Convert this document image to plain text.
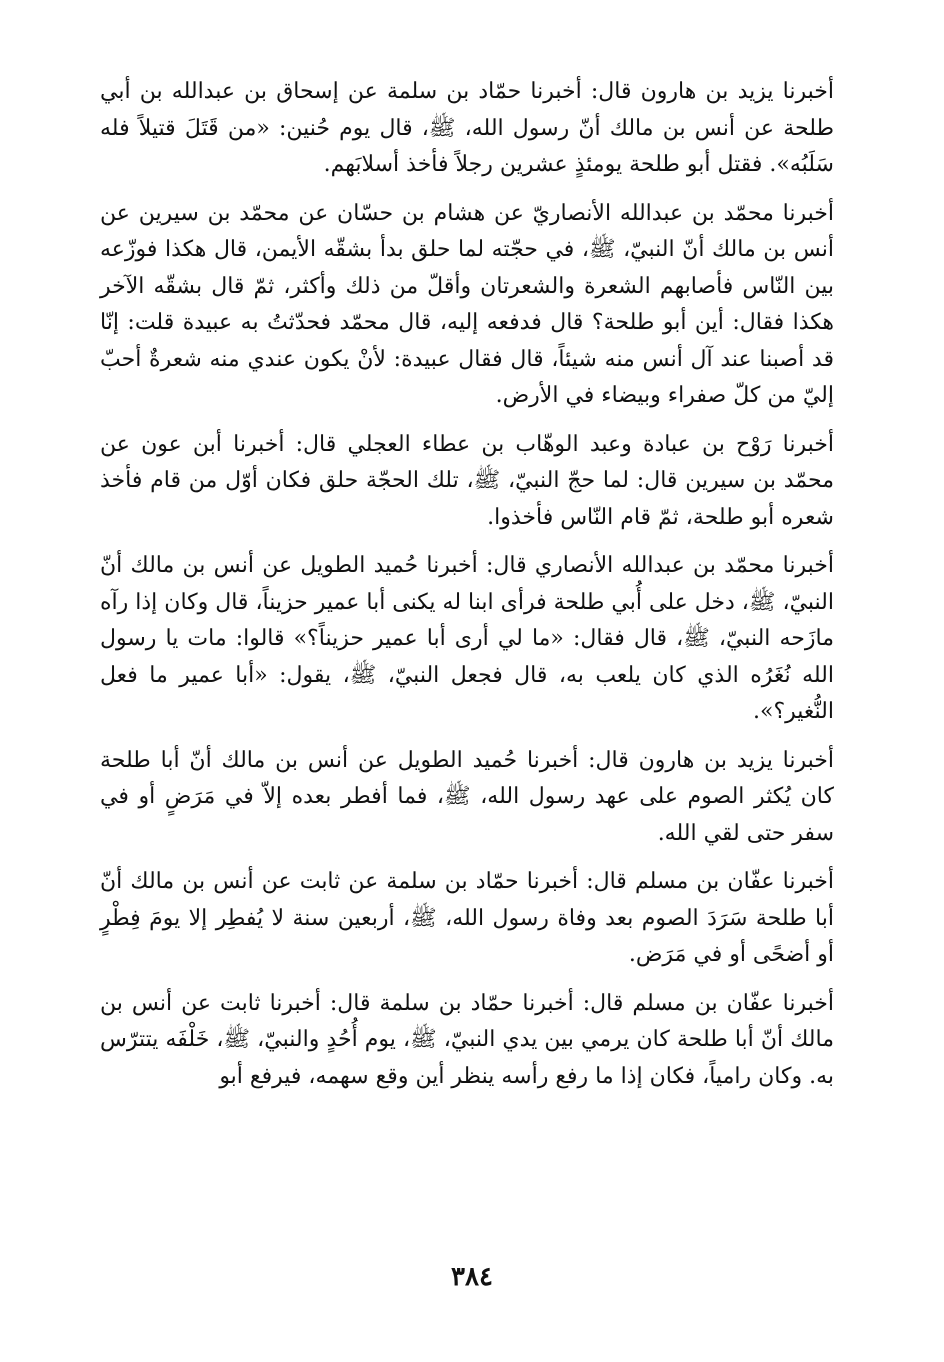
أخبرنا يزيد بن هارون قال: أخبرنا حمّاد بن سلمة عن إسحاق بن عبدالله بن أبي طلحة عن أنس بن مالك أنّ رسول الله، ﷺ، قال يوم حُنين: «من قَتَلَ قتيلاً فله سَلَبُه». فقتل أبو طلحة يومئذٍ عشرين رجلاً فأخذ أسلابَهم.

أخبرنا محمّد بن عبدالله الأنصاريّ عن هشام بن حسّان عن محمّد بن سيرين عن أنس بن مالك أنّ النبيّ، ﷺ، في حجّته لما حلق بدأ بشقّه الأيمن، قال هكذا فوزّعه بين النّاس فأصابهم الشعرة والشعرتان وأقلّ من ذلك وأكثر، ثمّ قال بشقّه الآخر هكذا فقال: أين أبو طلحة؟ قال فدفعه إليه، قال محمّد فحدّثتُ به عبيدة قلت: إنّا قد أصبنا عند آل أنس منه شيئاً، قال فقال عبيدة: لأنْ يكون عندي منه شعرةٌ أحبّ إليّ من كلّ صفراء وبيضاء في الأرض.

أخبرنا رَوْح بن عبادة وعبد الوهّاب بن عطاء العجلي قال: أخبرنا أبن عون عن محمّد بن سيرين قال: لما حجّ النبيّ، ﷺ، تلك الحجّة حلق فكان أوّل من قام فأخذ شعره أبو طلحة، ثمّ قام النّاس فأخذوا.

أخبرنا محمّد بن عبدالله الأنصاري قال: أخبرنا حُميد الطويل عن أنس بن مالك أنّ النبيّ، ﷺ، دخل على أُبي طلحة فرأى ابنا له يكنى أبا عمير حزيناً، قال وكان إذا رآه مازَحه النبيّ، ﷺ، قال فقال: «ما لي أرى أبا عمير حزيناً؟» قالوا: مات يا رسول الله نُغَرُه الذي كان يلعب به، قال فجعل النبيّ، ﷺ، يقول: «أبا عمير ما فعل النُّغير؟».

أخبرنا يزيد بن هارون قال: أخبرنا حُميد الطويل عن أنس بن مالك أنّ أبا طلحة كان يُكثر الصوم على عهد رسول الله، ﷺ، فما أفطر بعده إلاّ في مَرَضٍ أو في سفر حتى لقي الله.

أخبرنا عفّان بن مسلم قال: أخبرنا حمّاد بن سلمة عن ثابت عن أنس بن مالك أنّ أبا طلحة سَرَدَ الصوم بعد وفاة رسول الله، ﷺ، أربعين سنة لا يُفطِر إلا يومَ فِطْرٍ أو أضحًى أو في مَرَض.

أخبرنا عفّان بن مسلم قال: أخبرنا حمّاد بن سلمة قال: أخبرنا ثابت عن أنس بن مالك أنّ أبا طلحة كان يرمي بين يدي النبيّ، ﷺ، يوم أُحُدٍ والنبيّ، ﷺ، خَلْفَه يتترّس به. وكان رامياً، فكان إذا ما رفع رأسه ينظر أين وقع سهمه، فيرفع أبو

٣٨٤
